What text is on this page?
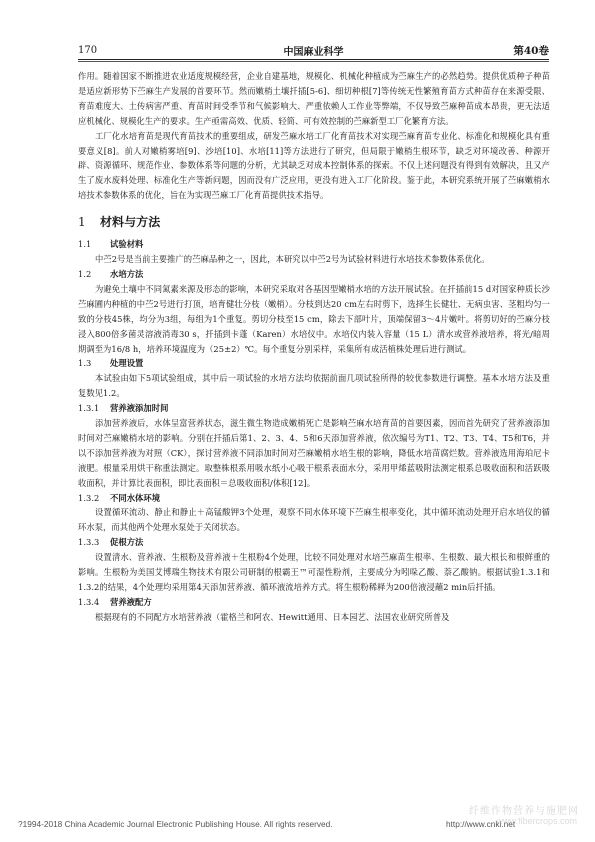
170	中国麻业科学	第40卷

作用。随着国家不断推进农业适度规模经营，企业自建基地，规模化、机械化种植成为苎麻生产的必然趋势。提供优质种子种苗是适应新形势下苎麻生产发展的首要环节。然而嫩梢土壤扦插[5-6]、细切种根[7]等传统无性繁殖育苗方式种苗存在来源受限、育苗难度大、土传病害严重、育苗时间受季节和气候影响大、严重依赖人工作业等弊端，不仅导致苎麻种苗成本昂贵，更无法适应机械化、规模化生产的要求。生产亟需高效、优质、轻简、可有效控制的苎麻新型工厂化繁育方法。

工厂化水培育苗是现代育苗技术的重要组成，研发苎麻水培工厂化育苗技术对实现苎麻育苗专业化、标准化和规模化具有重要意义[8]。前人对嫩梢雾培[9]、沙培[10]、水培[11]等方法进行了研究，但局限于嫩梢生根环节，缺乏对环境改善、种源开辟、资源循环、规范作业、参数体系等问题的分析，尤其缺乏对成本控制体系的探索。不仅上述问题没有得到有效解决，且又产生了废水废料处理、标准化生产等新问题，因而没有广泛应用，更没有进入工厂化阶段。鉴于此，本研究系统开展了苎麻嫩梢水培技术参数体系的优化，旨在为实现苎麻工厂化育苗提供技术指导。

1 材料与方法
1.1 试验材料

中苎2号是当前主要推广的苎麻品种之一，因此，本研究以中苎2号为试验材料进行水培技术参数体系优化。

1.2 水培方法

为避免土壤中不同氮素来源及形态的影响，本研究采取对各基因型嫩梢水培的方法开展试验。在扦插前15 d对国家种质长沙苎麻圃内种植的中苎2号进行打顶，培育健壮分枝（嫩梢）。分枝到达20 cm左右时剪下，选择生长健壮、无病虫害、茎粗均匀一致的分枝45株，均分为3组，每组为1个重复。剪切分枝至15 cm，除去下部叶片，顶端保留3～4片嫩叶。将剪切好的苎麻分枝浸入800倍多菌灵溶液消毒30 s，扦插到卡蓬（Karen）水培仪中。水培仪内装入容量（15 L）清水或营养液培养，将光/暗周期调至为16/8 h，培养环境温度为（25±2）℃。每个重复分别采样，采集所有成活植株处理后进行测试。

1.3 处理设置

本试验由如下5项试验组成，其中后一项试验的水培方法均依据前面几项试验所得的较优参数进行调整。基本水培方法及重复数见1.2。

1.3.1 营养液添加时间

添加营养液后，水体呈富营养状态，滋生微生物造成嫩梢死亡是影响苎麻水培育苗的首要因素，因而首先研究了营养液添加时间对苎麻嫩梢水培的影响。分别在扦插后第1、2、3、4、5和6天添加营养液，依次编号为T1、T2、T3、T4、T5和T6，并以不添加营养液为对照（CK），探讨营养液不同添加时间对苎麻嫩梢水培生根的影响，降低水培苗腐烂数。营养液选用海珀尼卡液肥。根量采用烘干称重法测定。取整株根系用吸水纸小心吸干根系表面水分，采用甲烯蓝吸附法测定根系总吸收面积和活跃吸收面积，并计算比表面积，即比表面积＝总吸收面积/体积[12]。

1.3.2 不同水体环境

设置循环流动、静止和静止＋高锰酸钾3个处理，观察不同水体环境下苎麻生根率变化，其中循环流动处理开启水培仪的循环水泵，而其他两个处理水泵处于关闭状态。

1.3.3 促根方法

设置清水、营养液、生根粉及营养液＋生根粉4个处理，比较不同处理对水培苎麻苗生根率、生根数、最大根长和根鲜重的影响。生根粉为美国艾博瑞生物技术有限公司研制的根霸王™可湿性粉剂，主要成分为吲哚乙酸、萘乙酸钠。根据试验1.3.1和1.3.2的结果，4个处理均采用第4天添加营养液、循环液流培养方式。将生根粉稀释为200倍液浸蘸2 min后扦插。

1.3.4 营养液配方

根据现有的不同配方水培营养液（霍格兰和阿农、Hewitt通用、日本园艺、法国农业研究所普及

?1994-2018 China Academic Journal Electronic Publishing House. All rights reserved.	http://www.cnki.net
纤维作物营养与施肥网
www.fibercrops.com
